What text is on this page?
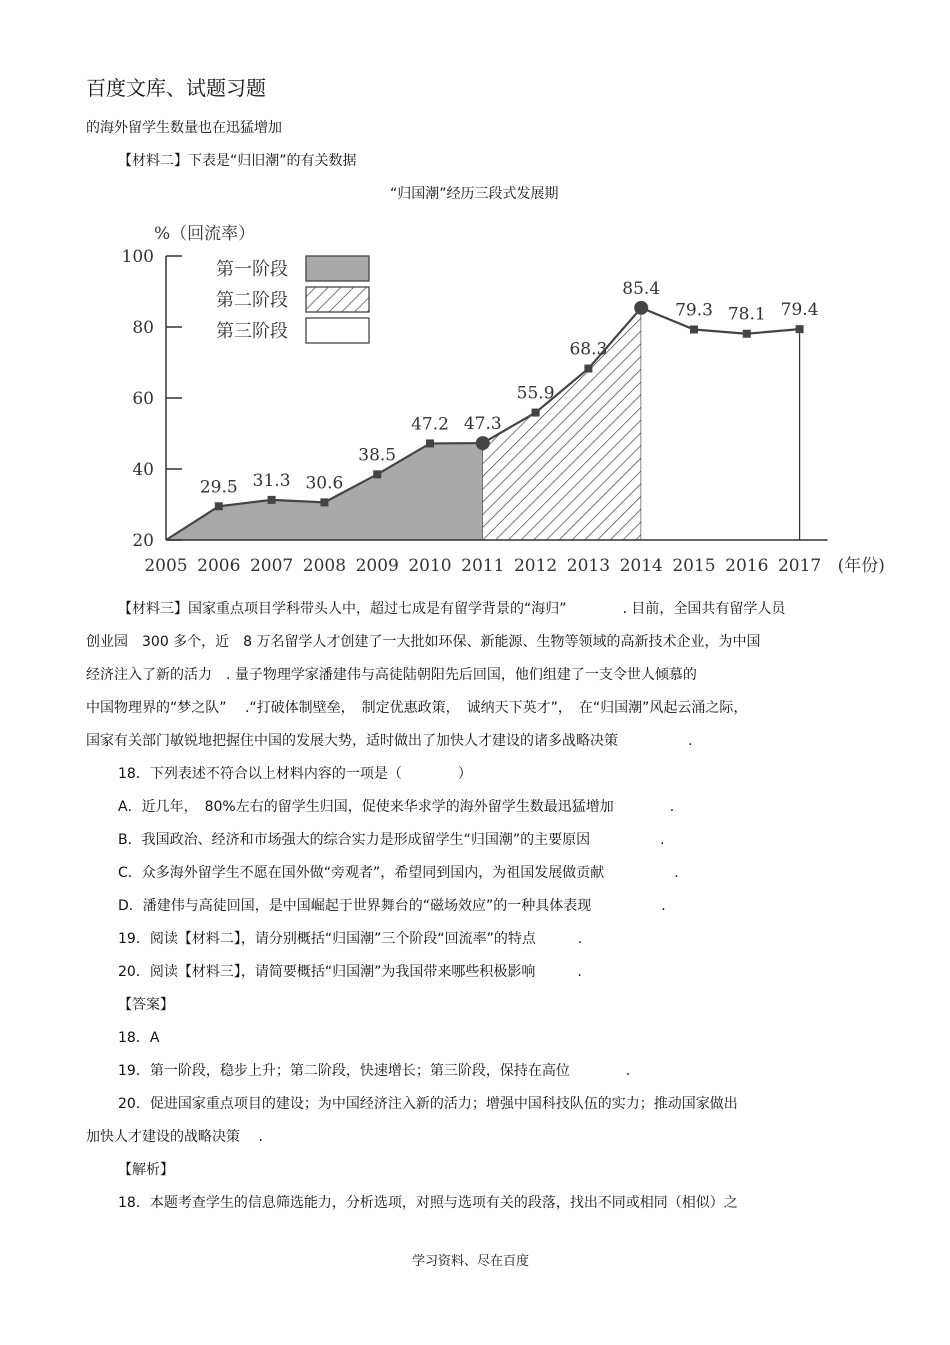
百度文库、试题习题
的海外留学生数量也在迅猛增加
【材料二】下表是“归旧潮”的有关数据
“归国潮”经历三段式发展期
20
40
60
80
100
2005 2006 2007 2008 2009 2010 2011 2012 2013 2014 2015 2016 2017 (年份)
%（回流率）
29.5 31.3 30.6
38.5
47.2 47.3
55.9
68.3
85.4
79.3 78.1 79.4
第一阶段
第二阶段
第三阶段
【材料三】国家重点项目学科带头人中，超过七成是有留学背景的“海归”　　　　. 目前，全国共有留学人员
创业园　300 多个，近　8 万名留学人才创建了一大批如环保、新能源、生物等领域的高新技术企业，为中国
经济注入了新的活力　. 量子物理学家潘建伟与高徒陆朝阳先后回国，他们组建了一支令世人倾慕的
中国物理界的“梦之队”　 .“打破体制壁垒，　制定优惠政策，　诚纳天下英才”，　在“归国潮”风起云涌之际，
国家有关部门敏锐地把握住中国的发展大势，适时做出了加快人才建设的诸多战略决策　　　　　.
18．下列表述不符合以上材料内容的一项是（　　　　）
A．近几年，　80%左右的留学生归国，促使来华求学的海外留学生数最迅猛增加　　　　.
B．我国政治、经济和市场强大的综合实力是形成留学生“归国潮”的主要原因　　　　　.
C．众多海外留学生不愿在国外做“旁观者”，希望同到国内，为祖国发展做贡献　　　　　.
D．潘建伟与高徒回国，是中国崛起于世界舞台的“磁场效应”的一种具体表现　　　　　.
19．阅读【材料二】，请分别概括“归国潮”三个阶段“回流率”的特点　　　.
20．阅读【材料三】，请简要概括“归国潮”为我国带来哪些积极影响　　　.
【答案】
18．A
19．第一阶段，稳步上升；第二阶段，快速增长；第三阶段，保持在高位　　　　.
20．促进国家重点项目的建设；为中国经济注入新的活力；增强中国科技队伍的实力；推动国家做出
加快人才建设的战略决策　 .
【解析】
18．本题考查学生的信息筛选能力，分析选项，对照与选项有关的段落，找出不同或相同（相似）之
学习资料、尽在百度
